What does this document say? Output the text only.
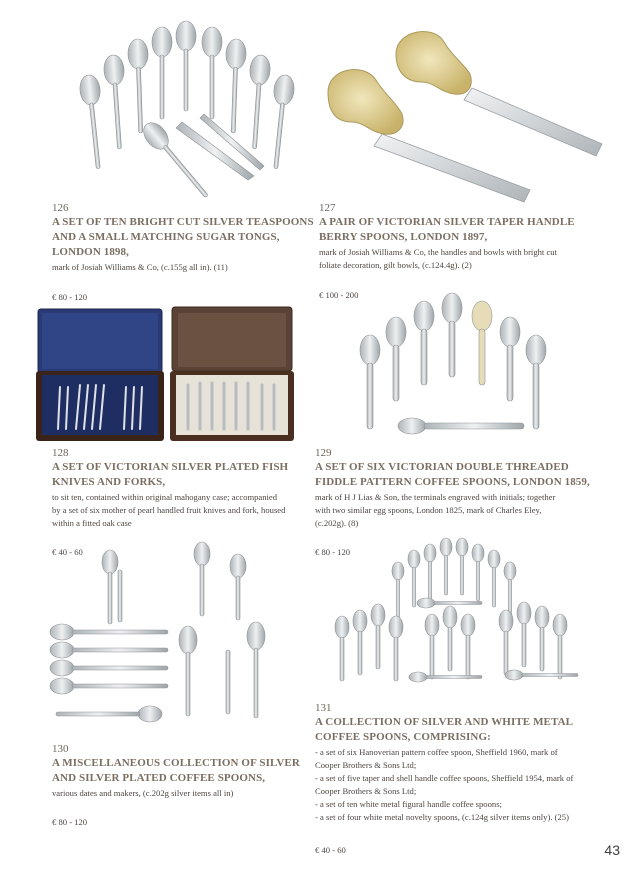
126
A SET OF TEN BRIGHT CUT SILVER TEASPOONS
AND A SMALL MATCHING SUGAR TONGS,
LONDON 1898,
mark of Josiah Williams & Co, (c.155g all in). (11)
€ 80 - 120
127
A PAIR OF VICTORIAN SILVER TAPER HANDLE
BERRY SPOONS, LONDON 1897,
mark of Josiah Williams & Co, the handles and bowls with bright cut
foliate decoration, gilt bowls, (c.124.4g). (2)
€ 100 - 200
128
A SET OF VICTORIAN SILVER PLATED FISH
KNIVES AND FORKS,
to sit ten, contained within original mahogany case; accompanied
by a set of six mother of pearl handled fruit knives and fork, housed
within a fitted oak case
€ 40 - 60
129
A SET OF SIX VICTORIAN DOUBLE THREADED
FIDDLE PATTERN COFFEE SPOONS, LONDON 1859,
mark of H J Lias & Son, the terminals engraved with initials; together
with two similar egg spoons, London 1825, mark of Charles Eley,
(c.202g). (8)
€ 80 - 120
130
A MISCELLANEOUS COLLECTION OF SILVER
AND SILVER PLATED COFFEE SPOONS,
various dates and makers, (c.202g silver items all in)
€ 80 - 120
131
A COLLECTION OF SILVER AND WHITE METAL
COFFEE SPOONS, COMPRISING:
- a set of six Hanoverian pattern coffee spoon, Sheffield 1960, mark of
Cooper Brothers & Sons Ltd;
- a set of five taper and shell handle coffee spoons, Sheffield 1954, mark of
Cooper Brothers & Sons Ltd;
- a set of ten white metal figural handle coffee spoons;
- a set of four white metal novelty spoons, (c.124g silver items only). (25)
€ 40 - 60	43
